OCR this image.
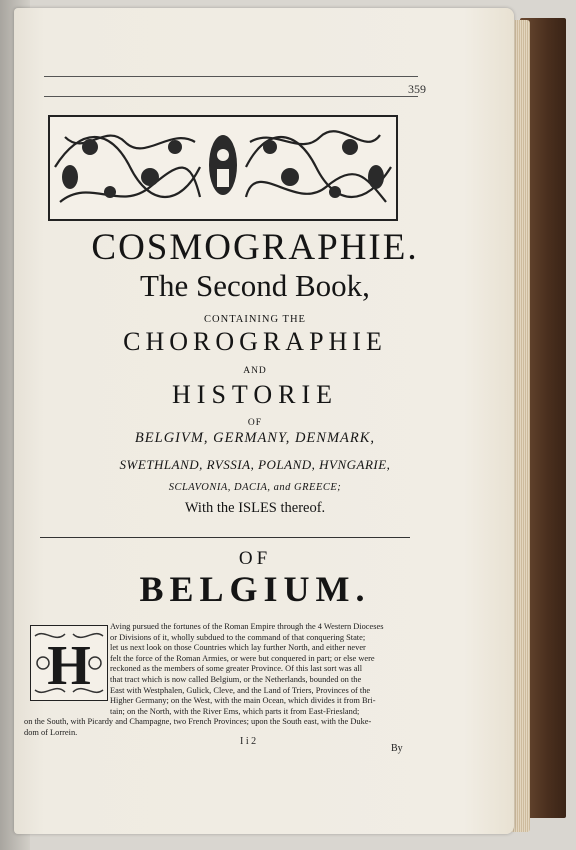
359
COSMOGRAPHIE.
The Second Book,
CONTAINING THE
CHOROGRAPHIE
AND
HISTORIE
OF
BELGIVM, GERMANY, DENMARK,
SWETHLAND, RVSSIA, POLAND, HVNGARIE,
SCLAVONIA, DACIA, and GREECE;
With the ISLES thereof.
OF
BELGIUM.
H
Aving pursued the fortunes of the Roman Empire through the 4 Western Dioceses
or Divisions of it, wholly subdued to the command of that conquering State;
let us next look on those Countries which lay further North, and either never
felt the force of the Roman Armies, or were but conquered in part; or else were
reckoned as the members of some greater Province. Of this last sort was all
that tract which is now called Belgium, or the Netherlands, bounded on the
East with Westphalen, Gulick, Cleve, and the Land of Triers, Provinces of the
Higher Germany; on the West, with the main Ocean, which divides it from Bri-
tain; on the North, with the River Ems, which parts it from East-Friesland;
on the South, with Picardy and Champagne, two French Provinces; upon the South east, with the Duke-
dom of Lorrein.
I i 2
By
